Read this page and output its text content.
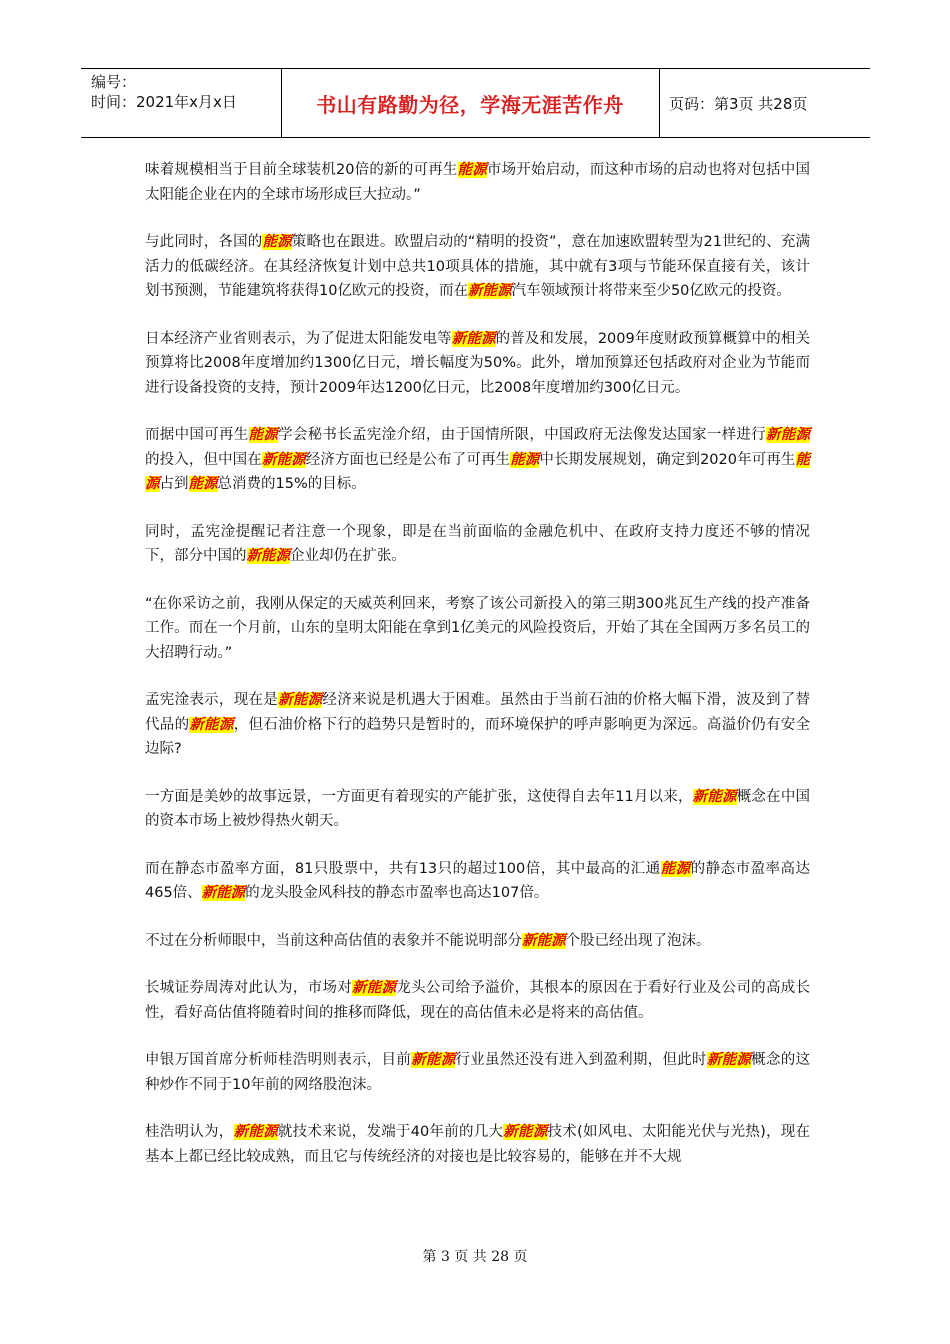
编号：
时间：2021年x月x日	书山有路勤为径，学海无涯苦作舟	页码：第3页 共28页

味着规模相当于目前全球装机20倍的新的可再生能源市场开始启动，而这种市场的启动也将对包括中国太阳能企业在内的全球市场形成巨大拉动。”

与此同时，各国的能源策略也在跟进。欧盟启动的“精明的投资”，意在加速欧盟转型为21世纪的、充满活力的低碳经济。在其经济恢复计划中总共10项具体的措施，其中就有3项与节能环保直接有关，该计划书预测，节能建筑将获得10亿欧元的投资，而在新能源汽车领域预计将带来至少50亿欧元的投资。

日本经济产业省则表示，为了促进太阳能发电等新能源的普及和发展，2009年度财政预算概算中的相关预算将比2008年度增加约1300亿日元，增长幅度为50%。此外，增加预算还包括政府对企业为节能而进行设备投资的支持，预计2009年达1200亿日元，比2008年度增加约300亿日元。

而据中国可再生能源学会秘书长孟宪淦介绍，由于国情所限，中国政府无法像发达国家一样进行新能源的投入，但中国在新能源经济方面也已经是公布了可再生能源中长期发展规划，确定到2020年可再生能源占到能源总消费的15%的目标。

同时，孟宪淦提醒记者注意一个现象，即是在当前面临的金融危机中、在政府支持力度还不够的情况下，部分中国的新能源企业却仍在扩张。

“在你采访之前，我刚从保定的天威英利回来，考察了该公司新投入的第三期300兆瓦生产线的投产准备工作。而在一个月前，山东的皇明太阳能在拿到1亿美元的风险投资后，开始了其在全国两万多名员工的大招聘行动。”

孟宪淦表示，现在是新能源经济来说是机遇大于困难。虽然由于当前石油的价格大幅下滑，波及到了替代品的新能源，但石油价格下行的趋势只是暂时的，而环境保护的呼声影响更为深远。高溢价仍有安全边际?

一方面是美妙的故事远景，一方面更有着现实的产能扩张，这使得自去年11月以来，新能源概念在中国的资本市场上被炒得热火朝天。

而在静态市盈率方面，81只股票中，共有13只的超过100倍，其中最高的汇通能源的静态市盈率高达465倍、新能源的龙头股金风科技的静态市盈率也高达107倍。

不过在分析师眼中，当前这种高估值的表象并不能说明部分新能源个股已经出现了泡沫。

长城证券周涛对此认为，市场对新能源龙头公司给予溢价，其根本的原因在于看好行业及公司的高成长性，看好高估值将随着时间的推移而降低，现在的高估值未必是将来的高估值。

申银万国首席分析师桂浩明则表示，目前新能源行业虽然还没有进入到盈利期，但此时新能源概念的这种炒作不同于10年前的网络股泡沫。

桂浩明认为，新能源就技术来说，发端于40年前的几大新能源技术(如风电、太阳能光伏与光热)，现在基本上都已经比较成熟，而且它与传统经济的对接也是比较容易的，能够在并不大规

第 3 页 共 28 页
